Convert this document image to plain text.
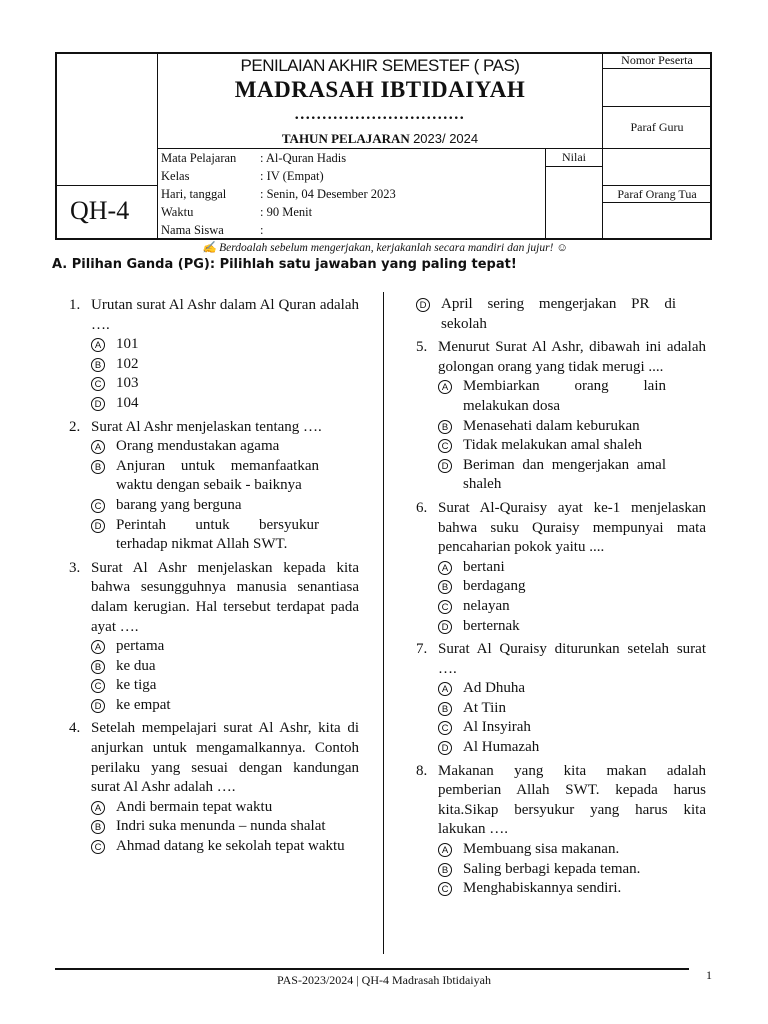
PENILAIAN AKHIR SEMESTEF ( PAS)
MADRASAH IBTIDAIYAH
...............................
TAHUN PELAJARAN 2023/ 2024
Mata Pelajaran	: Al-Quran Hadis
Kelas	: IV (Empat)
Hari, tanggal	: Senin, 04 Desember 2023
Waktu	: 90 Menit
Nama Siswa	:
QH-4
Nilai
Nomor Peserta
Paraf Guru
Paraf Orang Tua
✍ Berdoalah sebelum mengerjakan, kerjakanlah secara mandiri dan jujur! ☺
A. Pilihan Ganda (PG): Pilihlah satu jawaban yang paling tepat!
1. Urutan surat Al Ashr dalam Al Quran adalah ….
A 101
B 102
C 103
D 104
2. Surat Al Ashr menjelaskan tentang ….
A Orang mendustakan agama
B Anjuran untuk memanfaatkan waktu dengan sebaik - baiknya
C barang yang berguna
D Perintah untuk bersyukur terhadap nikmat Allah SWT.
3. Surat Al Ashr menjelaskan kepada kita bahwa sesungguhnya manusia senantiasa dalam kerugian. Hal tersebut terdapat pada ayat ….
A pertama
B ke dua
C ke tiga
D ke empat
4. Setelah mempelajari surat Al Ashr, kita di anjurkan untuk mengamalkannya. Contoh perilaku yang sesuai dengan kandungan surat Al Ashr adalah ….
A Andi bermain tepat waktu
B Indri suka menunda – nunda shalat
C Ahmad datang ke sekolah tepat waktu
D April sering mengerjakan PR di sekolah
5. Menurut Surat Al Ashr, dibawah ini adalah golongan orang yang tidak merugi ....
A Membiarkan orang lain melakukan dosa
B Menasehati dalam keburukan
C Tidak melakukan amal shaleh
D Beriman dan mengerjakan amal shaleh
6. Surat Al-Quraisy ayat ke-1 menjelaskan bahwa suku Quraisy mempunyai mata pencaharian pokok yaitu ....
A bertani
B berdagang
C nelayan
D berternak
7. Surat Al Quraisy diturunkan setelah surat ….
A Ad Dhuha
B At Tiin
C Al Insyirah
D Al Humazah
8. Makanan yang kita makan adalah pemberian Allah SWT. kepada harus kita.Sikap bersyukur yang harus kita lakukan ….
A Membuang sisa makanan.
B Saling berbagi kepada teman.
C Menghabiskannya sendiri.
PAS-2023/2024 | QH-4 Madrasah Ibtidaiyah	1
